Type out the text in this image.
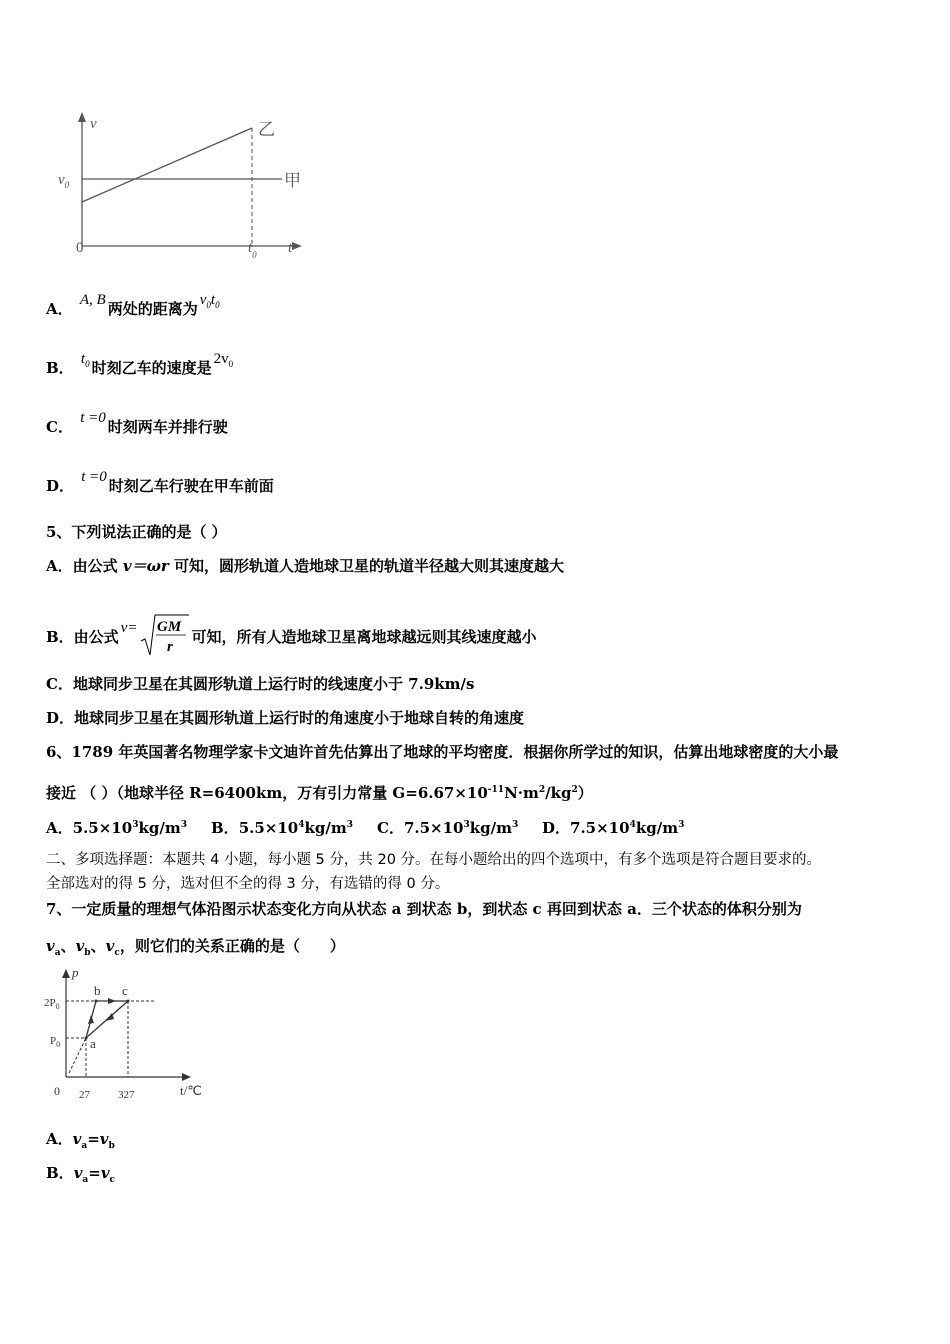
v
t
0
$v_0$
$t_0$
乙
甲
A． A, B 两处的距离为 $v_0t_0$
B． $t_0$ 时刻乙车的速度是 $2v_0$
C． t =0 时刻两车并排行驶
D． t =0 时刻乙车行驶在甲车前面
5、下列说法正确的是（ ）
A．由公式 v＝ωr 可知，圆形轨道人造地球卫星的轨道半径越大则其速度越大
B．由公式 v= GM
r
可知，所有人造地球卫星离地球越远则其线速度越小
C．地球同步卫星在其圆形轨道上运行时的线速度小于 7.9km/s
D．地球同步卫星在其圆形轨道上运行时的角速度小于地球自转的角速度
6、1789 年英国著名物理学家卡文迪许首先估算出了地球的平均密度．根据你所学过的知识，估算出地球密度的大小最
接近 （ ）（地球半径 R=6400km，万有引力常量 $G=6.67\times 10^{-11}N\cdot m^2/kg^2$）
A．$5.5\times 10^3kg/m^3$ B．$5.5\times 10^4kg/m^3$ C．$7.5\times 10^3kg/m^3$ D．$7.5\times 10^4kg/m^3$
二、多项选择题：本题共 4 小题，每小题 5 分，共 20 分。在每小题给出的四个选项中，有多个选项是符合题目要求的。
全部选对的得 5 分，选对但不全的得 3 分，有选错的得 0 分。
7、一定质量的理想气体沿图示状态变化方向从状态 a 到状态 b，到状态 c 再回到状态 a．三个状态的体积分别为
$v_a$、$v_b$、$v_c$，则它们的关系正确的是（　　）
p
t/℃
0 27	327
$P_0$
$2P_0$
a
b c
A．$v_a=v_b$
B．$v_a=v_c$
